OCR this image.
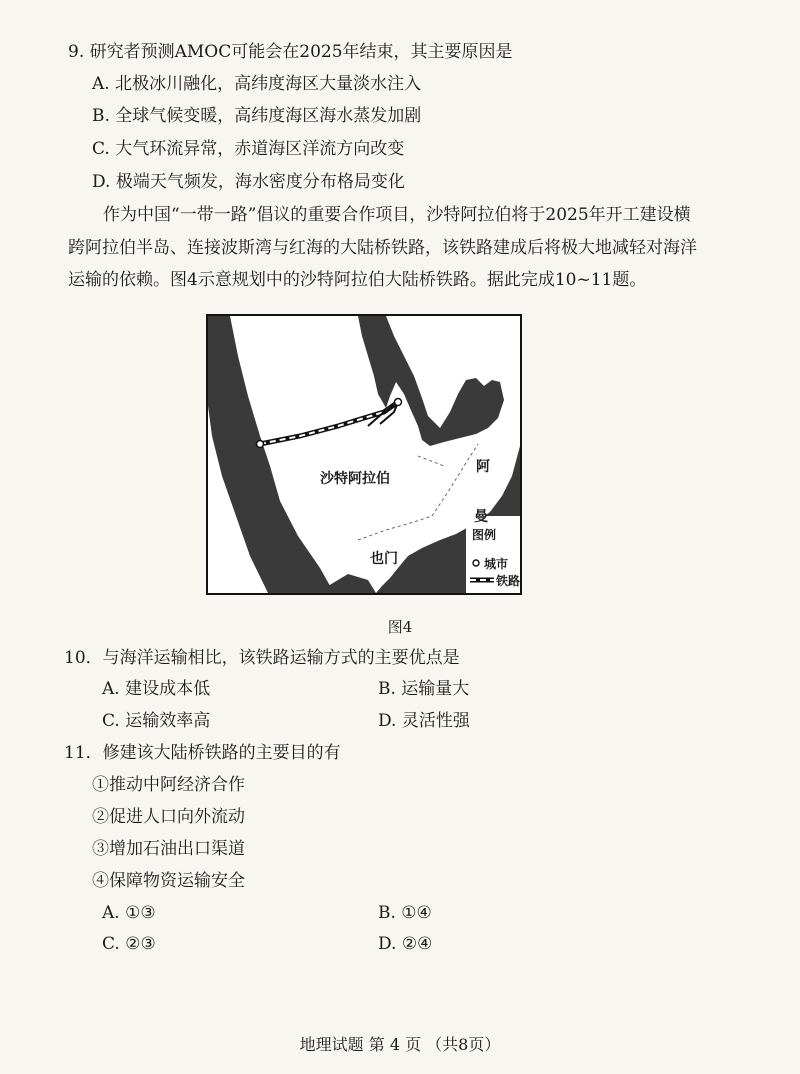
9. 研究者预测AMOC可能会在2025年结束，其主要原因是
A. 北极冰川融化，高纬度海区大量淡水注入
B. 全球气候变暖，高纬度海区海水蒸发加剧
C. 大气环流异常，赤道海区洋流方向改变
D. 极端天气频发，海水密度分布格局变化
作为中国“一带一路”倡议的重要合作项目，沙特阿拉伯将于2025年开工建设横
跨阿拉伯半岛、连接波斯湾与红海的大陆桥铁路，该铁路建成后将极大地减轻对海洋
运输的依赖。图4示意规划中的沙特阿拉伯大陆桥铁路。据此完成10~11题。
沙特阿拉伯
阿
曼
也门
图例
城市
铁路
图4
10．与海洋运输相比，该铁路运输方式的主要优点是
A. 建设成本低	B. 运输量大
C. 运输效率高	D. 灵活性强
11．修建该大陆桥铁路的主要目的有
①推动中阿经济合作
②促进人口向外流动
③增加石油出口渠道
④保障物资运输安全
A. ①③	B. ①④
C. ②③	D. ②④
地理试题 第 4 页 （共8页）
